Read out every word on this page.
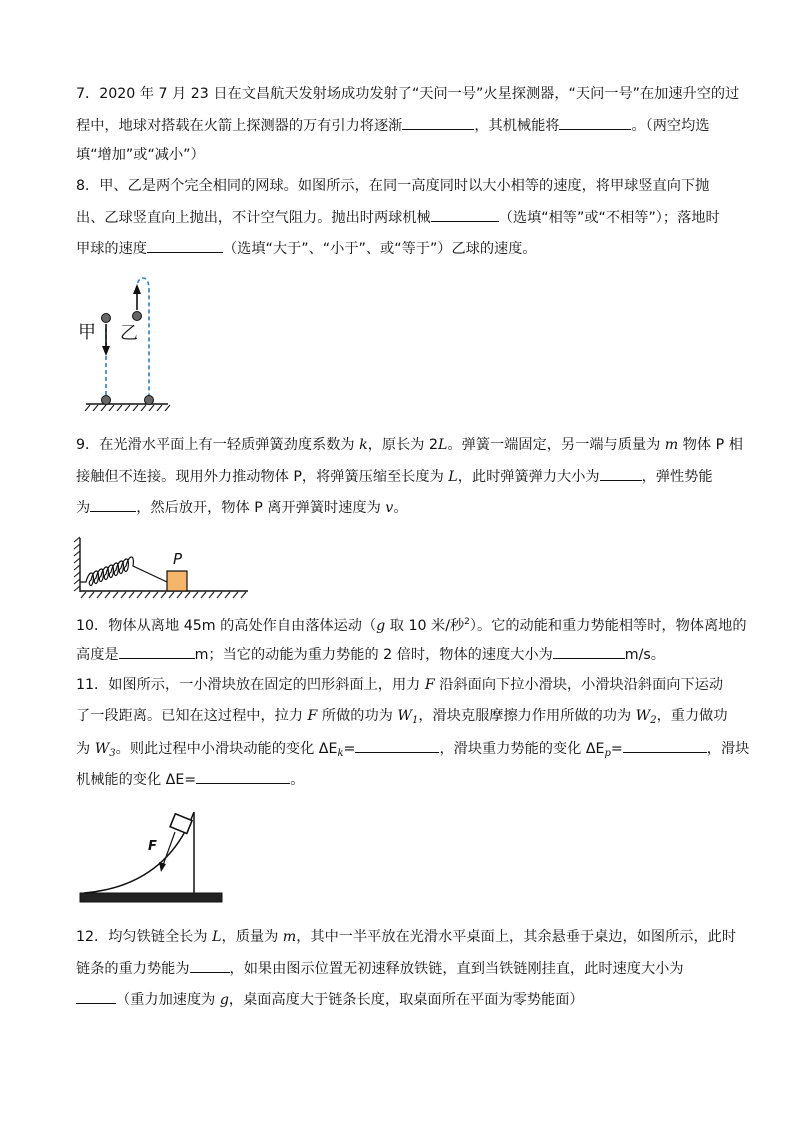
7．2020 年 7 月 23 日在文昌航天发射场成功发射了“天问一号”火星探测器，“天问一号”在加速升空的过
程中，地球对搭载在火箭上探测器的万有引力将逐渐	，其机械能将	。（两空均选
填“增加”或“减小”）
8．甲、乙是两个完全相同的网球。如图所示，在同一高度同时以大小相等的速度，将甲球竖直向下抛
出、乙球竖直向上抛出，不计空气阻力。抛出时两球机械	（选填“相等”或“不相等”）；落地时
甲球的速度	（选填“大于”、“小于”、或“等于”）乙球的速度。
甲 乙
9．在光滑水平面上有一轻质弹簧劲度系数为 k，原长为 2L。弹簧一端固定，另一端与质量为 m 物体 P 相
接触但不连接。现用外力推动物体 P，将弹簧压缩至长度为 L，此时弹簧弹力大小为	，弹性势能
为	，然后放开，物体 P 离开弹簧时速度为 v。
P
10．物体从离地 45m 的高处作自由落体运动（g 取 10 米/秒$^2$）。它的动能和重力势能相等时，物体离地的
高度是	m；当它的动能为重力势能的 2 倍时，物体的速度大小为	m/s。
11．如图所示，一小滑块放在固定的凹形斜面上，用力 F 沿斜面向下拉小滑块，小滑块沿斜面向下运动
了一段距离。已知在这过程中，拉力 F 所做的功为 $W_1$，滑块克服摩擦力作用所做的功为 $W_2$，重力做功
为 $W_3$。则此过程中小滑块动能的变化 $\Delta E_k=$	，滑块重力势能的变化 $\Delta E_p=$	，滑块
机械能的变化 ΔE=	。
F
12．均匀铁链全长为 L，质量为 m，其中一半平放在光滑水平桌面上，其余悬垂于桌边，如图所示，此时
链条的重力势能为	，如果由图示位置无初速释放铁链，直到当铁链刚挂直，此时速度大小为
（重力加速度为 g，桌面高度大于链条长度，取桌面所在平面为零势能面）
